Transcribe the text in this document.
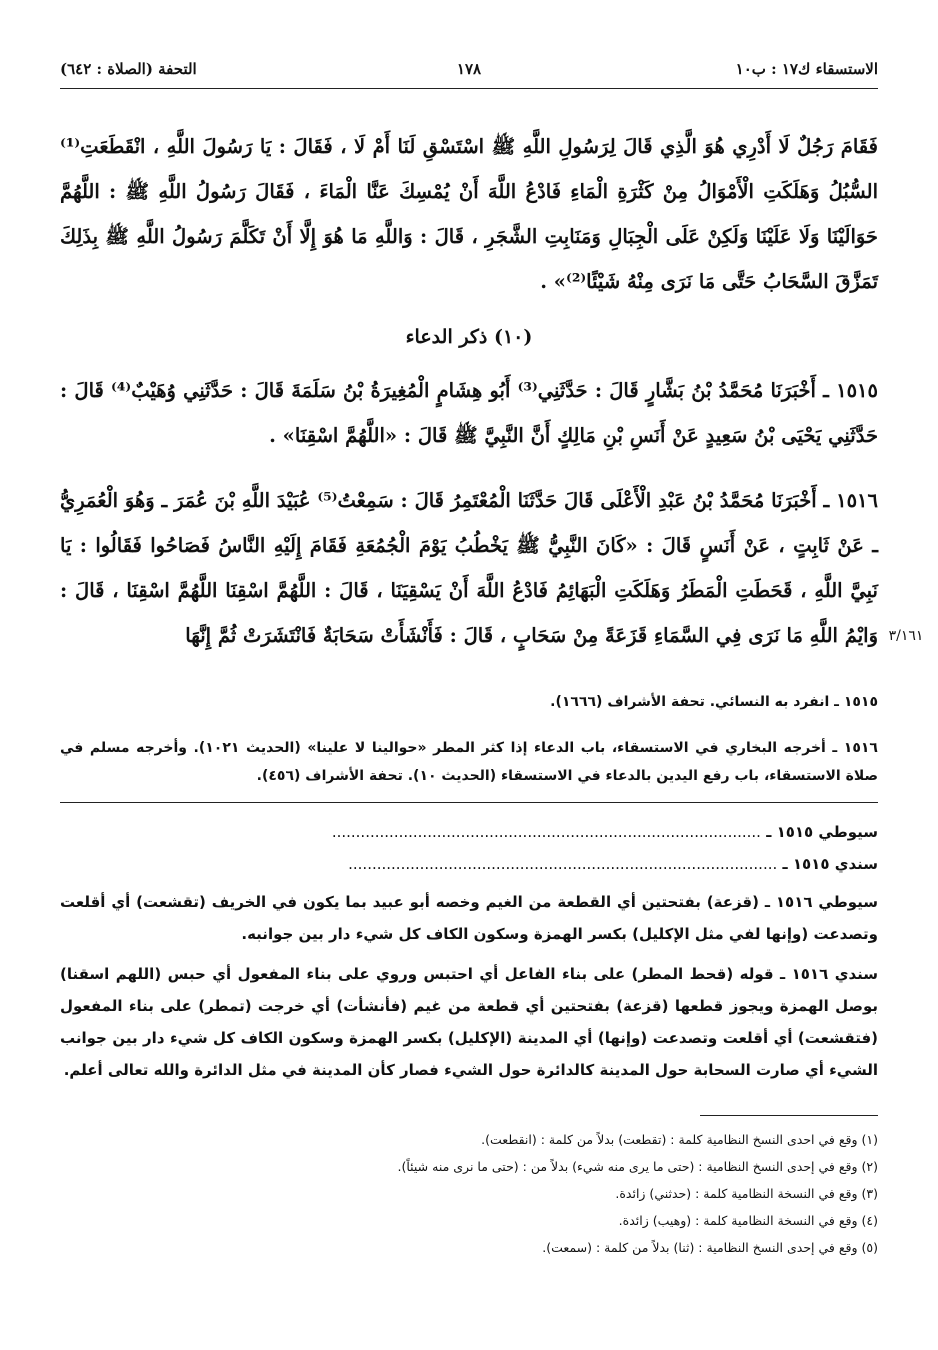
الاستسقاء ك١٧ : ب١٠
١٧٨
التحفة (الصلاة : ٦٤٢)
فَقَامَ رَجُلٌ لَا أَدْرِي هُوَ الَّذِي قَالَ لِرَسُولِ اللَّهِ ﷺ اسْتَسْقِ لَنَا أَمْ لَا ، فَقَالَ : يَا رَسُولَ اللَّهِ ، انْقَطَعَتِ⁽¹⁾ السُّبُلُ وَهَلَكَتِ الْأَمْوَالُ مِنْ كَثْرَةِ الْمَاءِ فَادْعُ اللَّهَ أَنْ يُمْسِكَ عَنَّا الْمَاءَ ، فَقَالَ رَسُولُ اللَّهِ ﷺ : اللَّهُمَّ حَوَالَيْنَا وَلَا عَلَيْنَا وَلَكِنْ عَلَى الْجِبَالِ وَمَنَابِتِ الشَّجَرِ ، قَالَ : وَاللَّهِ مَا هُوَ إِلَّا أَنْ تَكَلَّمَ رَسُولُ اللَّهِ ﷺ بِذَلِكَ تَمَزَّقَ السَّحَابُ حَتَّى مَا نَرَى مِنْهُ شَيْئًا⁽²⁾» .
(١٠) ذكر الدعاء
١٥١٥ ـ أَخْبَرَنَا مُحَمَّدُ بْنُ بَشَّارٍ قَالَ : حَدَّثَنِي⁽³⁾ أَبُو هِشَامٍ الْمُغِيرَةُ بْنُ سَلَمَةَ قَالَ : حَدَّثَنِي وُهَيْبٌ⁽⁴⁾ قَالَ : حَدَّثَنِي يَحْيَى بْنُ سَعِيدٍ عَنْ أَنَسِ بْنِ مَالِكٍ أَنَّ النَّبِيَّ ﷺ قَالَ : «اللَّهُمَّ اسْقِنَا» .
١٥١٦ ـ أَخْبَرَنَا مُحَمَّدُ بْنُ عَبْدِ الْأَعْلَى قَالَ حَدَّثَنَا الْمُعْتَمِرُ قَالَ : سَمِعْتُ⁽⁵⁾ عُبَيْدَ اللَّهِ بْنَ عُمَرَ ـ وَهُوَ الْعُمَرِيُّ ـ عَنْ ثَابِتٍ ، عَنْ أَنَسٍ قَالَ : «كَانَ النَّبِيُّ ﷺ يَخْطُبُ يَوْمَ الْجُمُعَةِ فَقَامَ إِلَيْهِ النَّاسُ فَصَاحُوا فَقَالُوا : يَا نَبِيَّ اللَّهِ ، قَحَطَتِ الْمَطَرُ وَهَلَكَتِ الْبَهَائِمُ فَادْعُ اللَّهَ أَنْ يَسْقِيَنَا ، قَالَ : اللَّهُمَّ اسْقِنَا اللَّهُمَّ اسْقِنَا ، قَالَ : وَايْمُ اللَّهِ مَا نَرَى فِي السَّمَاءِ قَزَعَةً مِنْ سَحَابٍ ، قَالَ : فَأَنْشَأَتْ سَحَابَةٌ فَانْتَشَرَتْ ثُمَّ إِنَّهَا ٣/١٦١
١٥١٥ ـ انفرد به النسائي. تحفة الأشراف (١٦٦٦).
١٥١٦ ـ أخرجه البخاري في الاستسقاء، باب الدعاء إذا كثر المطر «حوالينا لا علينا» (الحديث ١٠٢١). وأخرجه مسلم في صلاة الاستسقاء، باب رفع اليدين بالدعاء في الاستسقاء (الحديث ١٠). تحفة الأشراف (٤٥٦).
سيوطي ١٥١٥ ـ ..........................................................................................
سندي ١٥١٥ ـ ..........................................................................................
سيوطي ١٥١٦ ـ (قزعة) بفتحتين أي القطعة من الغيم وخصه أبو عبيد بما يكون في الخريف (تقشعت) أي أقلعت وتصدعت (وإنها لفي مثل الإكليل) بكسر الهمزة وسكون الكاف كل شيء دار بين جوانبه.
سندي ١٥١٦ ـ قوله (قحط المطر) على بناء الفاعل أي احتبس وروي على بناء المفعول أي حبس (اللهم اسقنا) بوصل الهمزة ويجوز قطعها (قزعة) بفتحتين أي قطعة من غيم (فأنشأت) أي خرجت (تمطر) على بناء المفعول (فتقشعت) أي أقلعت وتصدعت (وإنها) أي المدينة (الإكليل) بكسر الهمزة وسكون الكاف كل شيء دار بين جوانب الشيء أي صارت السحابة حول المدينة كالدائرة حول الشيء فصار كأن المدينة في مثل الدائرة والله تعالى أعلم.
(١) وقع في احدى النسخ النظامية كلمة : (تقطعت) بدلاً من كلمة : (انقطعت).
(٢) وقع في إحدى النسخ النظامية : (حتى ما يرى منه شيء) بدلاً من : (حتى ما نرى منه شيئاً).
(٣) وقع في النسخة النظامية كلمة : (حدثني) زائدة.
(٤) وقع في النسخة النظامية كلمة : (وهيب) زائدة.
(٥) وقع في إحدى النسخ النظامية : (ثنا) بدلاً من كلمة : (سمعت).
